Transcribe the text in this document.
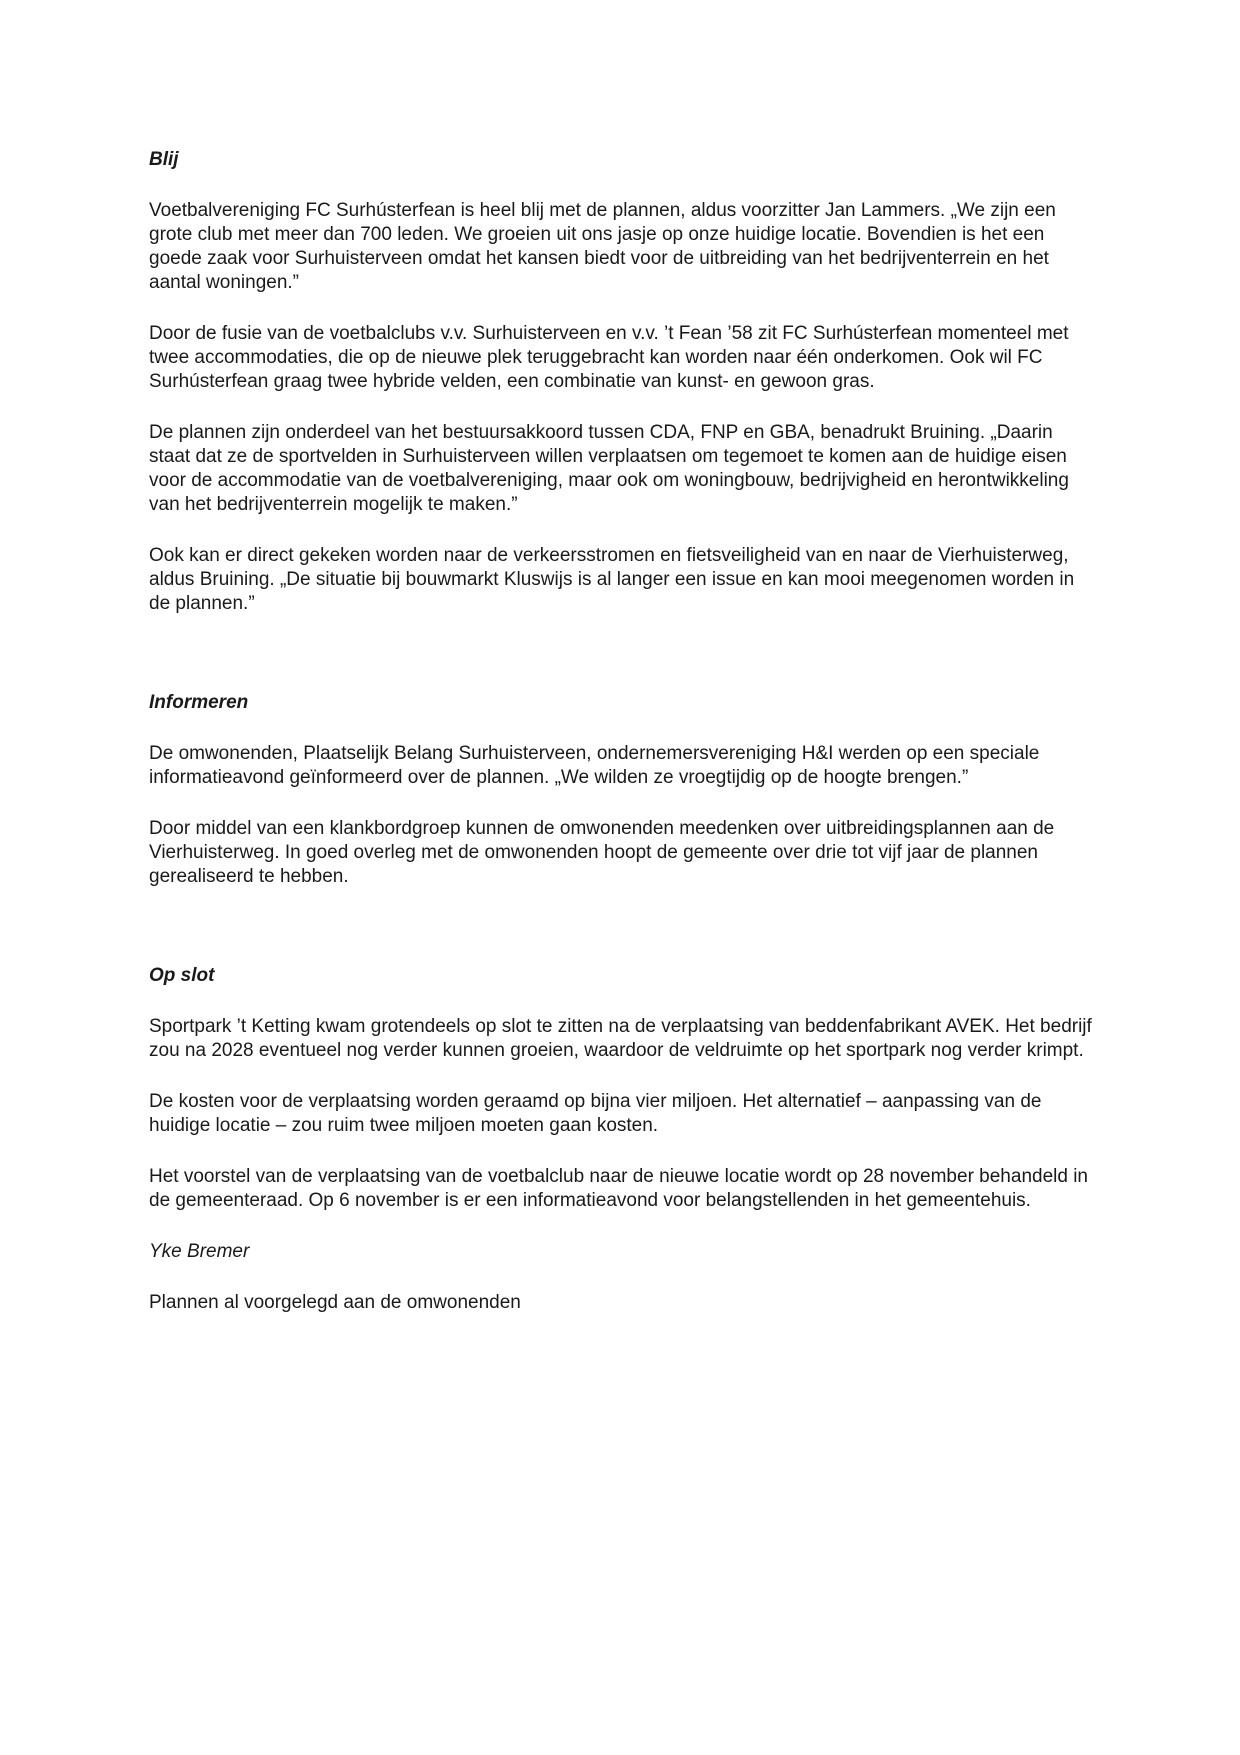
Blij

Voetbalvereniging FC Surhústerfean is heel blij met de plannen, aldus voorzitter Jan Lammers. „We zijn een grote club met meer dan 700 leden. We groeien uit ons jasje op onze huidige locatie. Bovendien is het een goede zaak voor Surhuisterveen omdat het kansen biedt voor de uitbreiding van het bedrijventerrein en het aantal woningen.”

Door de fusie van de voetbalclubs v.v. Surhuisterveen en v.v. ’t Fean ’58 zit FC Surhústerfean momenteel met twee accommodaties, die op de nieuwe plek teruggebracht kan worden naar één onderkomen. Ook wil FC Surhústerfean graag twee hybride velden, een combinatie van kunst- en gewoon gras.

De plannen zijn onderdeel van het bestuursakkoord tussen CDA, FNP en GBA, benadrukt Bruining. „Daarin staat dat ze de sportvelden in Surhuisterveen willen verplaatsen om tegemoet te komen aan de huidige eisen voor de accommodatie van de voetbalvereniging, maar ook om woningbouw, bedrijvigheid en herontwikkeling van het bedrijventerrein mogelijk te maken.”

Ook kan er direct gekeken worden naar de verkeersstromen en fietsveiligheid van en naar de Vierhuisterweg, aldus Bruining. „De situatie bij bouwmarkt Kluswijs is al langer een issue en kan mooi meegenomen worden in de plannen.”

Informeren

De omwonenden, Plaatselijk Belang Surhuisterveen, ondernemersvereniging H&I werden op een speciale informatieavond geïnformeerd over de plannen. „We wilden ze vroegtijdig op de hoogte brengen.”

Door middel van een klankbordgroep kunnen de omwonenden meedenken over uitbreidingsplannen aan de Vierhuisterweg. In goed overleg met de omwonenden hoopt de gemeente over drie tot vijf jaar de plannen gerealiseerd te hebben.

Op slot

Sportpark ’t Ketting kwam grotendeels op slot te zitten na de verplaatsing van beddenfabrikant AVEK. Het bedrijf zou na 2028 eventueel nog verder kunnen groeien, waardoor de veldruimte op het sportpark nog verder krimpt.

De kosten voor de verplaatsing worden geraamd op bijna vier miljoen. Het alternatief – aanpassing van de huidige locatie – zou ruim twee miljoen moeten gaan kosten.

Het voorstel van de verplaatsing van de voetbalclub naar de nieuwe locatie wordt op 28 november behandeld in de gemeenteraad. Op 6 november is er een informatieavond voor belangstellenden in het gemeentehuis.

Yke Bremer

Plannen al voorgelegd aan de omwonenden
